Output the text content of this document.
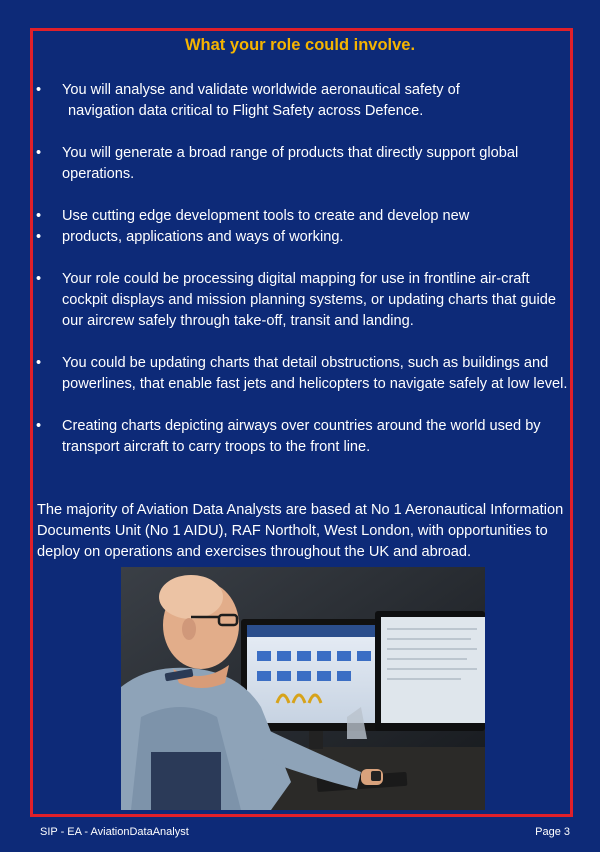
What your role could involve.
• You will analyse and validate worldwide aeronautical safety of
navigation data critical to Flight Safety across Defence.
• You will generate a broad range of products that directly support global operations.
• Use cutting edge development tools to create and develop new
• products, applications and ways of working.
• Your role could be processing digital mapping for use in frontline air-craft cockpit displays and mission planning systems, or updating charts that guide our aircrew safely through take-off, transit and landing.
• You could be updating charts that detail obstructions, such as buildings and powerlines, that enable fast jets and helicopters to navigate safely at low level.
• Creating charts depicting airways over countries around the world used by transport aircraft to carry troops to the front line.

The majority of Aviation Data Analysts are based at No 1 Aeronautical Information Documents Unit (No 1 AIDU), RAF Northolt, West London, with opportunities to deploy on operations and exercises throughout the UK and abroad.

SIP - EA - AviationDataAnalyst	Page 3
